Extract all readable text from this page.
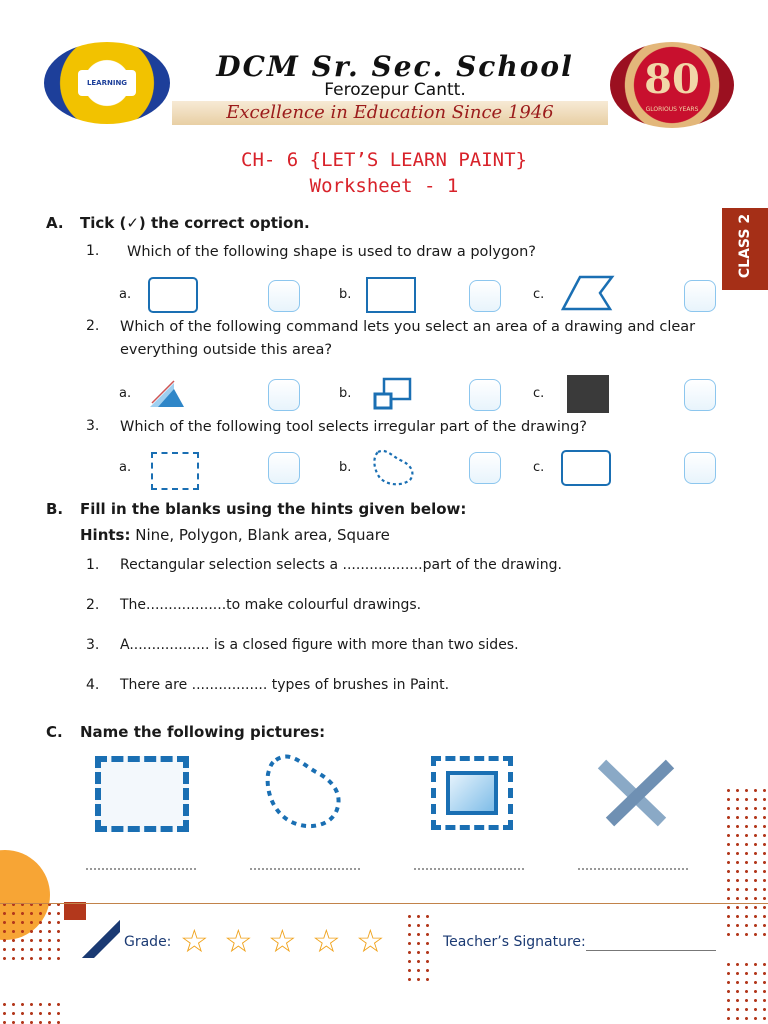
LEARNING	DCM Sr. Sec. School
Ferozepur Cantt.
Excellence in Education Since 1946
80
GLORIOUS YEARS
CH- 6 {LET’S LEARN PAINT}
Worksheet - 1
CLASS 2
A. Tick (✓) the correct option.
1. Which of the following shape is used to draw a polygon?
a.	b.	c.
2. Which of the following command lets you select an area of a drawing and clear everything outside this area?
a.	b.	c.
3. Which of the following tool selects irregular part of the drawing?
a.	b.	c.
B. Fill in the blanks using the hints given below:
Hints: Nine, Polygon, Blank area, Square
1. Rectangular selection selects a ..................part of the drawing.
2. The..................to make colourful drawings.
3. A.................. is a closed figure with more than two sides.
4. There are ................. types of brushes in Paint.
C. Name the following pictures:
Grade: ☆ ☆ ☆ ☆ ☆	Teacher’s Signature:
